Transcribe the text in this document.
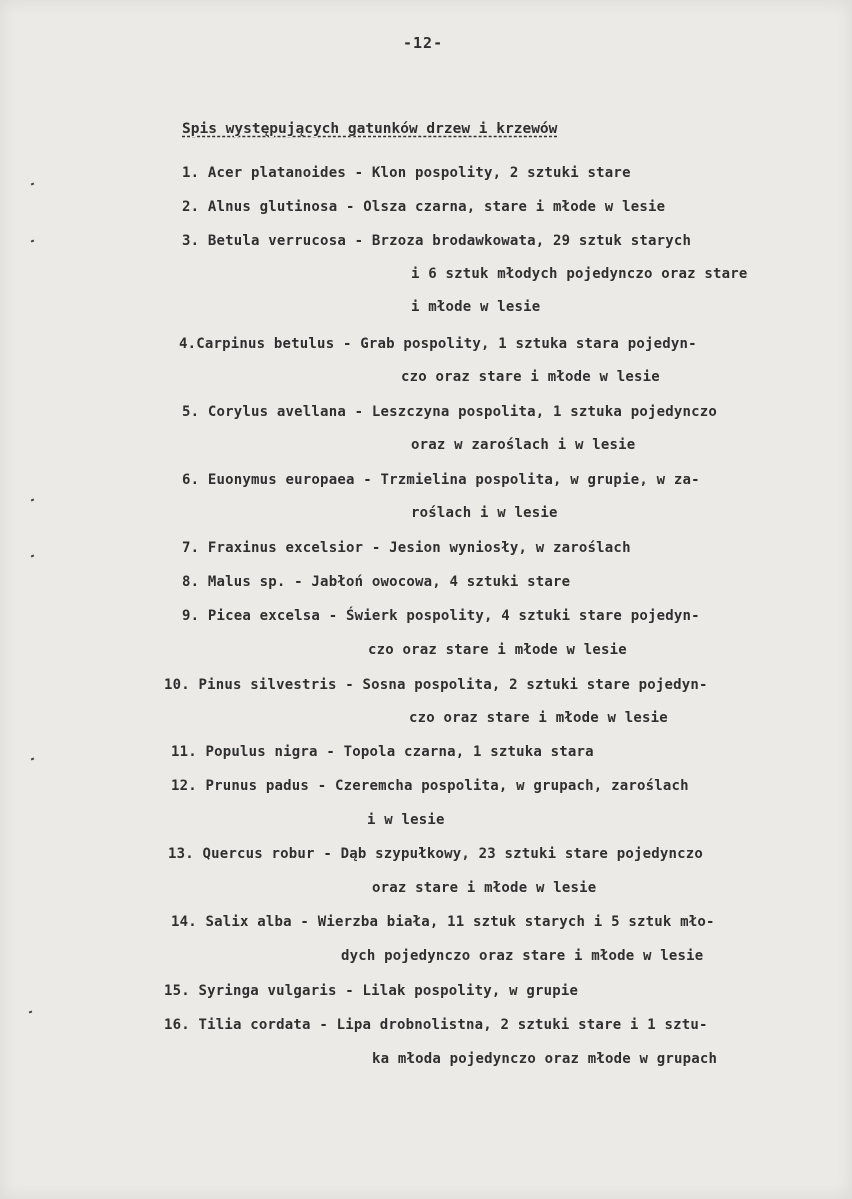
-12-
Spis występujących gatunków drzew i krzewów
1. Acer platanoides - Klon pospolity, 2 sztuki stare
2. Alnus glutinosa - Olsza czarna, stare i młode w lesie
3. Betula verrucosa - Brzoza brodawkowata, 29 sztuk starych
i 6 sztuk młodych pojedynczo oraz stare
i młode w lesie
4.Carpinus betulus - Grab pospolity, 1 sztuka stara pojedyn-
czo oraz stare i młode w lesie
5. Corylus avellana - Leszczyna pospolita, 1 sztuka pojedynczo
oraz w zaroślach i w lesie
6. Euonymus europaea - Trzmielina pospolita, w grupie, w za-
roślach i w lesie
7. Fraxinus excelsior - Jesion wyniosły, w zaroślach
8. Malus sp. - Jabłoń owocowa, 4 sztuki stare
9. Picea excelsa - Świerk pospolity, 4 sztuki stare pojedyn-
czo oraz stare i młode w lesie
10. Pinus silvestris - Sosna pospolita, 2 sztuki stare pojedyn-
czo oraz stare i młode w lesie
11. Populus nigra - Topola czarna, 1 sztuka stara
12. Prunus padus - Czeremcha pospolita, w grupach, zaroślach
i w lesie
13. Quercus robur - Dąb szypułkowy, 23 sztuki stare pojedynczo
oraz stare i młode w lesie
14. Salix alba - Wierzba biała, 11 sztuk starych i 5 sztuk mło-
dych pojedynczo oraz stare i młode w lesie
15. Syringa vulgaris - Lilak pospolity, w grupie
16. Tilia cordata - Lipa drobnolistna, 2 sztuki stare i 1 sztu-
ka młoda pojedynczo oraz młode w grupach
